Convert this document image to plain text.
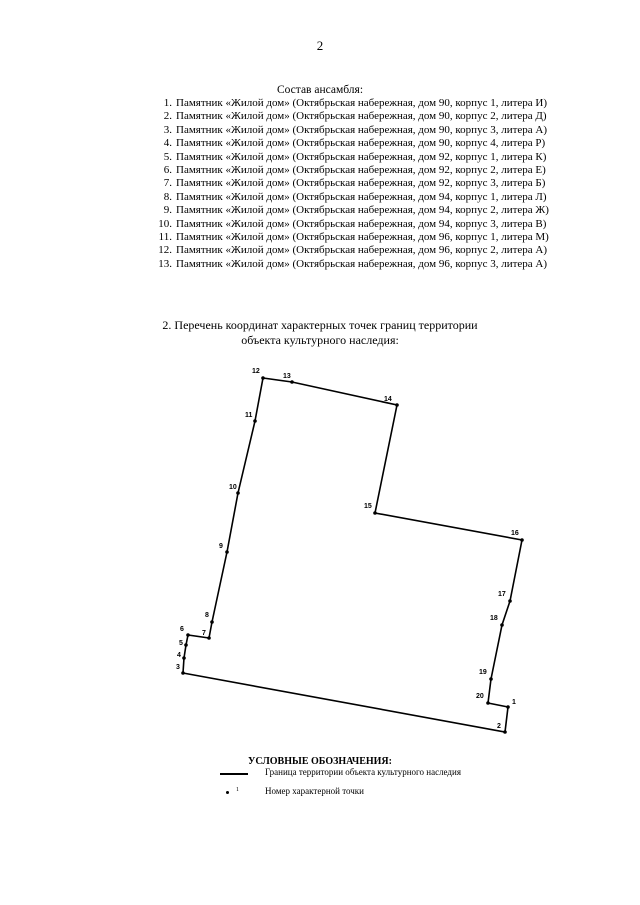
2
Состав ансамбля:
1. Памятник «Жилой дом» (Октябрьская набережная, дом 90, корпус 1, литера И)
2. Памятник «Жилой дом» (Октябрьская набережная, дом 90, корпус 2, литера Д)
3. Памятник «Жилой дом» (Октябрьская набережная, дом 90, корпус 3, литера А)
4. Памятник «Жилой дом» (Октябрьская набережная, дом 90, корпус 4, литера Р)
5. Памятник «Жилой дом» (Октябрьская набережная, дом 92, корпус 1, литера К)
6. Памятник «Жилой дом» (Октябрьская набережная, дом 92, корпус 2, литера Е)
7. Памятник «Жилой дом» (Октябрьская набережная, дом 92, корпус 3, литера Б)
8. Памятник «Жилой дом» (Октябрьская набережная, дом 94, корпус 1, литера Л)
9. Памятник «Жилой дом» (Октябрьская набережная, дом 94, корпус 2, литера Ж)
10. Памятник «Жилой дом» (Октябрьская набережная, дом 94, корпус 3, литера В)
11. Памятник «Жилой дом» (Октябрьская набережная, дом 96, корпус 1, литера М)
12. Памятник «Жилой дом» (Октябрьская набережная, дом 96, корпус 2, литера А)
13. Памятник «Жилой дом» (Октябрьская набережная, дом 96, корпус 3, литера А)
2. Перечень координат характерных точек границ территории
объекта культурного наследия:
1
2
3
4
5
6
7
8
9
10
11
12
13
14
15
16
17
18
19
20
УСЛОВНЫЕ ОБОЗНАЧЕНИЯ:
Граница территории объекта культурного наследия
1	Номер характерной точки
